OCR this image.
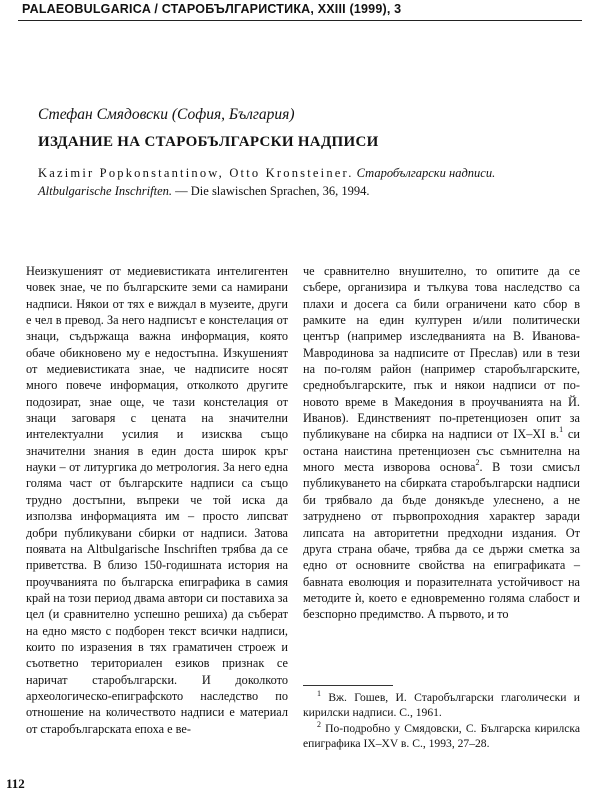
PALAEOBULGARICA / СТАРОБЪЛГАРИСТИКА, XXIII (1999), 3
Стефан Смядовски (София, България)
ИЗДАНИЕ НА СТАРОБЪЛГАРСКИ НАДПИСИ
Kazimir Popkonstantinow, Otto Kronsteiner. Старобългарски надписи.
Altbulgarische Inschriften. — Die slawischen Sprachen, 36, 1994.

Неизкушеният от медиевистиката интелигентен човек знае, че по българските земи са намирани надписи. Някои от тях е виждал в музеите, други е чел в превод. За него надписът е констелация от знаци, съдържаща важна информация, която обаче обикновено му е недостъпна. Изкушеният от медиевистиката знае, че надписите носят много повече информация, отколкото другите подозират, знае още, че тази констелация от знаци заговаря с цената на значителни интелектуални усилия и изисква също значителни знания в един доста широк кръг науки – от литургика до метрология. За него една голяма част от българските надписи са също трудно достъпни, въпреки че той иска да използва информацията им – просто липсват добри публикувани сбирки от надписи. Затова появата на Altbulgarische Inschriften трябва да се приветства. В близо 150-годишната история на проучванията по българска епиграфика в самия край на този период двама автори си поставиха за цел (и сравнително успешно решиха) да съберат на едно място с подборен текст всички надписи, които по изразения в тях граматичен строеж и съответно териториален езиков признак се наричат старобългарски. И доколкото археологическо-епиграфското наследство по отношение на количеството надписи е материал от старобългарската епоха е ве-

че сравнително внушително, то опитите да се събере, организира и тълкува това наследство са плахи и досега са били ограничени като сбор в рамките на един културен и/или политически център (например изследванията на В. Иванова-Мавродинова за надписите от Преслав) или в тези на по-голям район (например старобългарските, среднобългарските, пък и някои надписи от по-новото време в Македония в проучванията на Й. Иванов). Единственият по-претенциозен опит за публикуване на сбирка на надписи от IX–XI в.$^1$ си остана наистина претенциозен със съмнителна на много места изворова основа$^2$. В този смисъл публикуването на сбирката старобългарски надписи би трябвало да бъде донякъде улеснено, а не затруднено от първопроходния характер заради липсата на авторитетни предходни издания. От друга страна обаче, трябва да се държи сметка за едно от основните свойства на епиграфиката – бавната еволюция и поразителната устойчивост на методите ѝ, което е едновременно голяма слабост и безспорно предимство. А първото, и то

$^1$ Вж. Гошев, И. Старобългарски глаголически и кирилски надписи. С., 1961.

$^2$ По-подробно у Смядовски, С. Българска кирилска епиграфика IX–XV в. С., 1993, 27–28.

112
